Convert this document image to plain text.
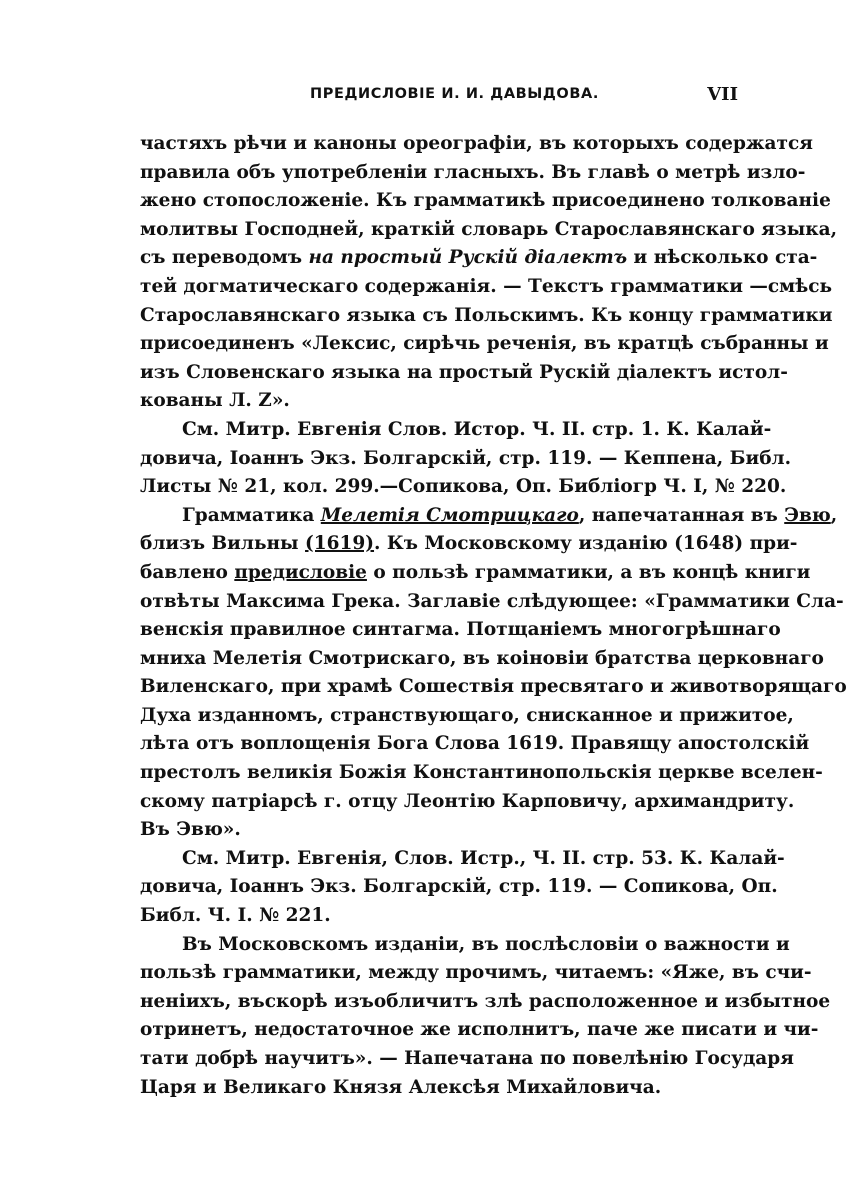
ПРЕДИСЛОВІЕ И. И. ДАВЫДОВА.	VII

частяхъ рѣчи и каноны ореографіи, въ которыхъ содержатся
правила объ употребленіи гласныхъ. Въ главѣ о метрѣ изло-
жено стопосложеніе. Къ грамматикѣ присоединено толкованіе
молитвы Господней, краткій словарь Старославянскаго языка,
съ переводомъ на простый Рускій діалектъ и нѣсколько ста-
тей догматическаго содержанія. — Текстъ грамматики —смѣсь
Старославянскаго языка съ Польскимъ. Къ концу грамматики
присоединенъ «Лексис, сирѣчь реченія, въ кратцѣ събранны и
изъ Словенскаго языка на простый Рускій діалектъ истол-
кованы Л. Z».

См. Митр. Евгенія Слов. Истор. Ч. II. стр. 1. К. Калай-
довича, Іоаннъ Экз. Болгарскій, стр. 119. — Кеппена, Библ.
Листы № 21, кол. 299.—Сопикова, Оп. Библіогр Ч. I, № 220.

Грамматика Мелетія Смотрицкаго, напечатанная въ Эвю,
близъ Вильны (1619). Къ Московскому изданію (1648) при-
бавлено предисловіе о пользѣ грамматики, а въ концѣ книги
отвѣты Максима Грека. Заглавіе слѣдующее: «Грамматики Сла-
венскія правилное синтагма. Потщаніемъ многогрѣшнаго
мниха Мелетія Смотрискаго, въ коіновіи братства церковнаго
Виленскаго, при храмѣ Сошествія пресвятаго и животворящаго
Духа изданномъ, странствующаго, снисканное и прижитое,
лѣта отъ воплощенія Бога Слова 1619. Правящу апостолскій
престолъ великія Божія Константинопольскія церкве вселен-
скому патріарсѣ г. отцу Леонтію Карповичу, архимандриту.
Въ Эвю».

См. Митр. Евгенія, Слов. Истр., Ч. II. стр. 53. К. Калай-
довича, Іоаннъ Экз. Болгарскій, стр. 119. — Сопикова, Оп.
Библ. Ч. I. № 221.

Въ Московскомъ изданіи, въ послѣсловіи о важности и
пользѣ грамматики, между прочимъ, читаемъ: «Яже, въ счи-
неніихъ, въскорѣ изъобличитъ злѣ расположенное и избытное
отринетъ, недостаточное же исполнитъ, паче же писати и чи-
тати добрѣ научитъ». — Напечатана по повелѣнію Государя
Царя и Великаго Князя Алексѣя Михайловича.
